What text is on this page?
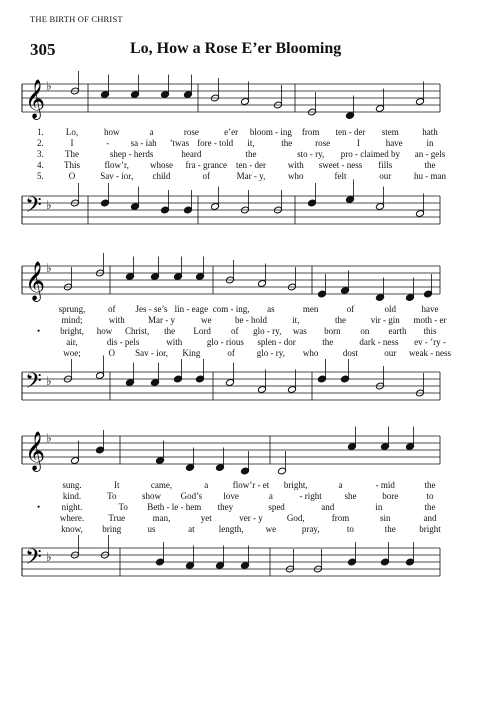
THE BIRTH OF CHRIST
305	Lo, How a Rose E’er Blooming
𝄞 ♭
1. Lo,	how	a	rose	e’er bloom - ing from ten - der stem	hath
2.	I	- sa - iah ’twas fore - told it,	the	rose	I	have	in
3. The	shep - herds	heard	the	sto - ry, pro - claimed by an - gels
4. This	flow’r, whose fra - grance ten - der with sweet - ness fills	the
5.	O	Sav - ior, child	of	Mar - y,	who	felt	our	hu - man
𝄢 ♭
𝄞 ♭
sprung,	of Jes - se’s lin - eage com - ing, as	men	of	old	have
mind;	with	Mar - y	we	be - hold	it,	the	vir - gin moth - er
• bright, how Christ, the Lord of glo - ry, was born on earth this
air,	dis - pels	with	glo - rious splen - dor	the	dark - ness ev - ’ry -
woe;	O Sav - ior, King	of glo - ry, who	dost	our weak - ness
𝄢 ♭
𝄞 ♭
sung.	It	came,	a	flow’r - et bright,	a	- mid	the
kind.	To	show God’s love	a	- right	she	bore	to
• night.	To Beth - le - hem they	sped	and	in	the
where.	True	man,	yet	ver - y	God,	from	sin	and
know, bring	us	at	length, we	pray,	to	the	bright
𝄢 ♭
